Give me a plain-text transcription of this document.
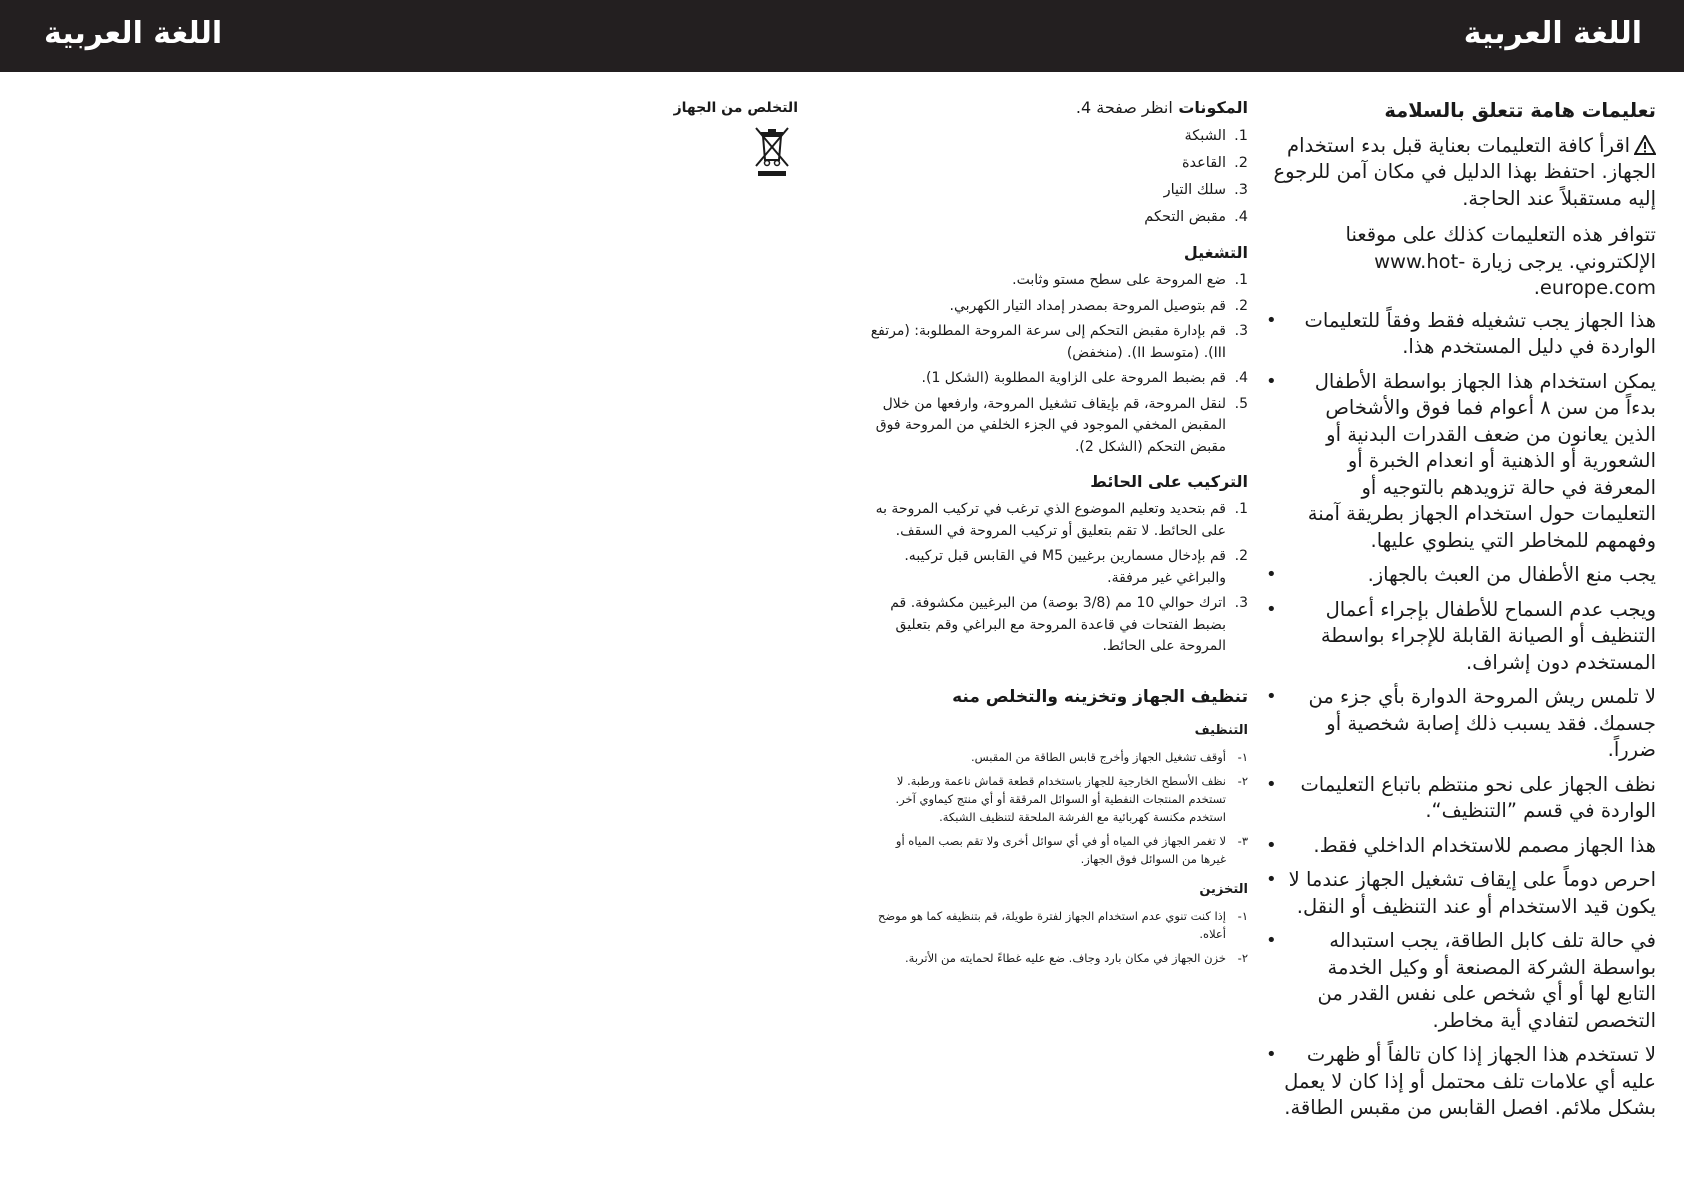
اللغة العربية	اللغة العربية
تعليمات هامة تتعلق بالسلامة
اقرأ كافة التعليمات بعناية قبل بدء استخدام الجهاز. احتفظ بهذا الدليل في مكان آمن للرجوع إليه مستقبلاً عند الحاجة.
تتوافر هذه التعليمات كذلك على موقعنا الإلكتروني. يرجى زيارة www.hot-europe.com.
هذا الجهاز يجب تشغيله فقط وفقاً للتعليمات الواردة في دليل المستخدم هذا. •
يمكن استخدام هذا الجهاز بواسطة الأطفال بدءاً من سن ٨ أعوام فما فوق والأشخاص الذين يعانون من ضعف القدرات البدنية أو الشعورية أو الذهنية أو انعدام الخبرة أو المعرفة في حالة تزويدهم بالتوجيه أو التعليمات حول استخدام الجهاز بطريقة آمنة وفهمهم للمخاطر التي ينطوي عليها. •
يجب منع الأطفال من العبث بالجهاز. •
ويجب عدم السماح للأطفال بإجراء أعمال التنظيف أو الصيانة القابلة للإجراء بواسطة المستخدم دون إشراف. •
لا تلمس ريش المروحة الدوارة بأي جزء من جسمك. فقد يسبب ذلك إصابة شخصية أو ضرراً. •
نظف الجهاز على نحو منتظم باتباع التعليمات الواردة في قسم ”التنظيف“. •
هذا الجهاز مصمم للاستخدام الداخلي فقط. •
احرص دوماً على إيقاف تشغيل الجهاز عندما لا يكون قيد الاستخدام أو عند التنظيف أو النقل. •
في حالة تلف كابل الطاقة، يجب استبداله بواسطة الشركة المصنعة أو وكيل الخدمة التابع لها أو أي شخص على نفس القدر من التخصص لتفادي أية مخاطر. •
لا تستخدم هذا الجهاز إذا كان تالفاً أو ظهرت عليه أي علامات تلف محتمل أو إذا كان لا يعمل بشكل ملائم. افصل القابس من مقبس الطاقة. •
المكونات انظر صفحة 4.
1.
الشبكة
2.
القاعدة
3.
سلك التيار
4.
مقبض التحكم
التشغيل
1.
ضع المروحة على سطح مستو وثابت.
2.
قم بتوصيل المروحة بمصدر إمداد التيار الكهربي.
3.
قم بإدارة مقبض التحكم إلى سرعة المروحة المطلوبة: (مرتفع III). (متوسط II). (منخفض)
4.
قم بضبط المروحة على الزاوية المطلوبة (الشكل 1).
5.
لنقل المروحة، قم بإيقاف تشغيل المروحة، وارفعها من خلال المقبض المخفي الموجود في الجزء الخلفي من المروحة فوق مقبض التحكم (الشكل 2).
التركيب على الحائط
1.
قم بتحديد وتعليم الموضوع الذي ترغب في تركيب المروحة به على الحائط. لا تقم بتعليق أو تركيب المروحة في السقف.
2.
قم بإدخال مسمارين برغيين M5 في القابس قبل تركيبه. والبراغي غير مرفقة.
3.
اترك حوالي 10 مم (3/8 بوصة) من البرغيين مكشوفة. قم بضبط الفتحات في قاعدة المروحة مع البراغي وقم بتعليق المروحة على الحائط.
تنظيف الجهاز وتخزينه والتخلص منه
التنظيف
١-
أوقف تشغيل الجهاز وأخرج قابس الطاقة من المقبس.
٢-
نظف الأسطح الخارجية للجهاز باستخدام قطعة قماش ناعمة ورطبة. لا تستخدم المنتجات النفطية أو السوائل المرققة أو أي منتج كيماوي آخر. استخدم مكنسة كهربائية مع الفرشة الملحقة لتنظيف الشبكة.
٣-
لا تغمر الجهاز في المياه أو في أي سوائل أخرى ولا تقم بصب المياه أو غيرها من السوائل فوق الجهاز.
التخزين
١-
إذا كنت تنوي عدم استخدام الجهاز لفترة طويلة، قم بتنظيفه كما هو موضح أعلاه.
٢-
خزن الجهاز في مكان بارد وجاف. ضع عليه غطاءً لحمايته من الأتربة.
التخلص من الجهاز
